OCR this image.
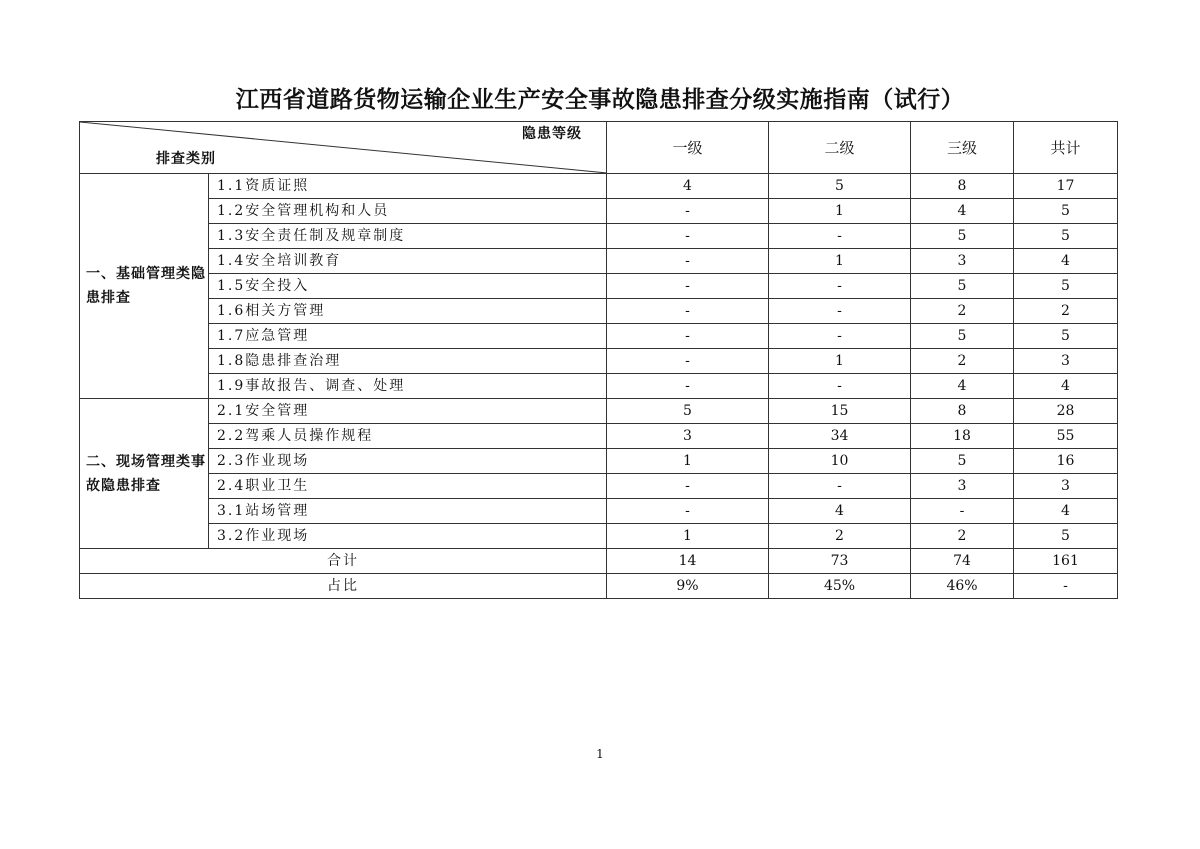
江西省道路货物运输企业生产安全事故隐患排查分级实施指南（试行）
隐患等级
排查类别		一级	二级	三级	共计
一、基础管理类隐患排查	1.1资质证照	4	5	8	17
	1.2安全管理机构和人员	-	1	4	5
	1.3安全责任制及规章制度	-	-	5	5
	1.4安全培训教育	-	1	3	4
	1.5安全投入	-	-	5	5
	1.6相关方管理	-	-	2	2
	1.7应急管理	-	-	5	5
	1.8隐患排查治理	-	1	2	3
	1.9事故报告、调查、处理	-	-	4	4
二、现场管理类事故隐患排查	2.1安全管理	5	15	8	28
	2.2驾乘人员操作规程	3	34	18	55
	2.3作业现场	1	10	5	16
	2.4职业卫生	-	-	3	3
	3.1站场管理	-	4	-	4
	3.2作业现场	1	2	2	5
合计		14	73	74	161
占比		9%	45%	46%	-
1
